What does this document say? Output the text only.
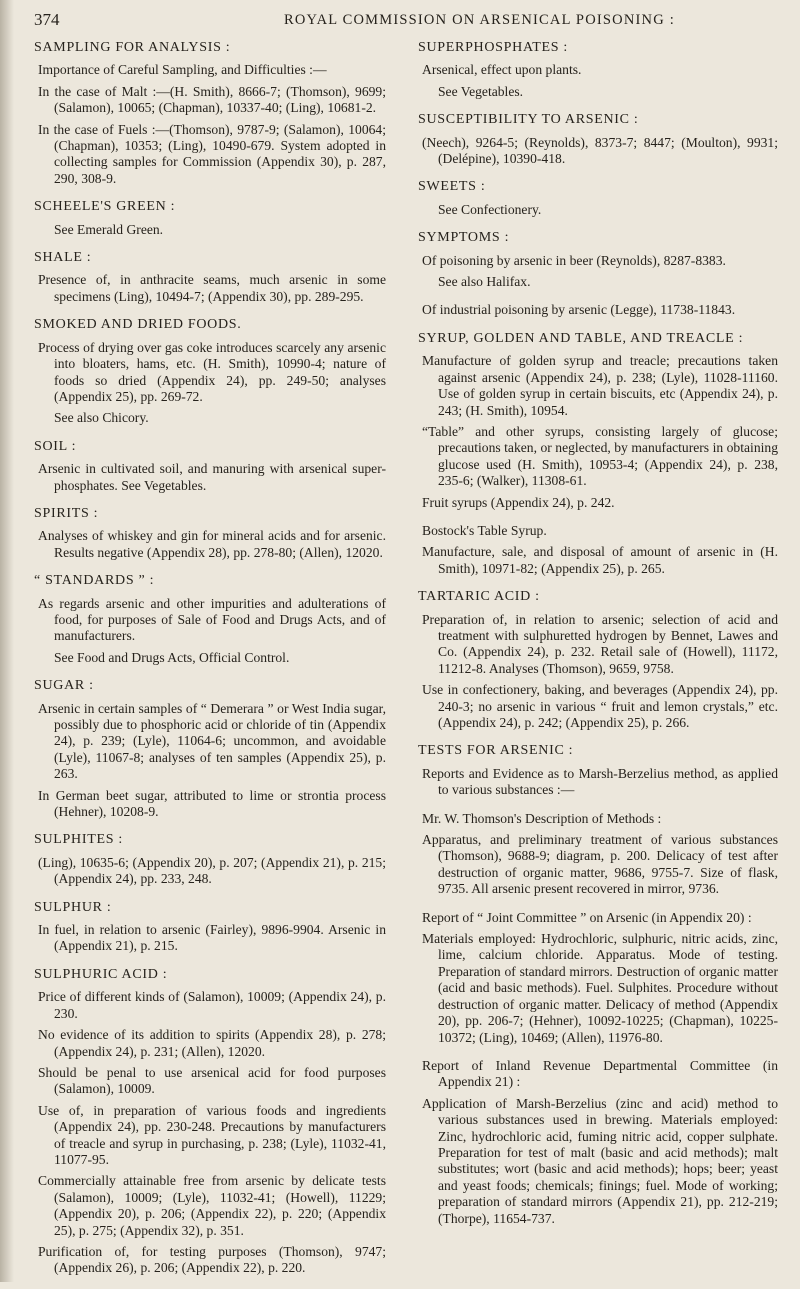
374	ROYAL COMMISSION ON ARSENICAL POISONING :
SAMPLING FOR ANALYSIS :
Importance of Careful Sampling, and Difficulties :—
In the case of Malt :—(H. Smith), 8666-7; (Thomson), 9699; (Salamon), 10065; (Chapman), 10337-40; (Ling), 10681-2.
In the case of Fuels :—(Thomson), 9787-9; (Salamon), 10064; (Chapman), 10353; (Ling), 10490-679. System adopted in collecting samples for Commission (Appendix 30), p. 287, 290, 308-9.
SCHEELE'S GREEN :
See Emerald Green.
SHALE :
Presence of, in anthracite seams, much arsenic in some specimens (Ling), 10494-7; (Appendix 30), pp. 289-295.
SMOKED AND DRIED FOODS.
Process of drying over gas coke introduces scarcely any arsenic into bloaters, hams, etc. (H. Smith), 10990-4; nature of foods so dried (Appendix 24), pp. 249-50; analyses (Appendix 25), pp. 269-72.
See also Chicory.
SOIL :
Arsenic in cultivated soil, and manuring with arsenical super-phosphates. See Vegetables.
SPIRITS :
Analyses of whiskey and gin for mineral acids and for arsenic. Results negative (Appendix 28), pp. 278-80; (Allen), 12020.
“ STANDARDS ” :
As regards arsenic and other impurities and adulterations of food, for purposes of Sale of Food and Drugs Acts, and of manufacturers.
See Food and Drugs Acts, Official Control.
SUGAR :
Arsenic in certain samples of “ Demerara ” or West India sugar, possibly due to phosphoric acid or chloride of tin (Appendix 24), p. 239; (Lyle), 11064-6; uncommon, and avoidable (Lyle), 11067-8; analyses of ten samples (Appendix 25), p. 263.
In German beet sugar, attributed to lime or strontia process (Hehner), 10208-9.
SULPHITES :
(Ling), 10635-6; (Appendix 20), p. 207; (Appendix 21), p. 215; (Appendix 24), pp. 233, 248.
SULPHUR :
In fuel, in relation to arsenic (Fairley), 9896-9904. Arsenic in (Appendix 21), p. 215.
SULPHURIC ACID :
Price of different kinds of (Salamon), 10009; (Appendix 24), p. 230.
No evidence of its addition to spirits (Appendix 28), p. 278; (Appendix 24), p. 231; (Allen), 12020.
Should be penal to use arsenical acid for food purposes (Salamon), 10009.
Use of, in preparation of various foods and ingredients (Appendix 24), pp. 230-248. Precautions by manufacturers of treacle and syrup in purchasing, p. 238; (Lyle), 11032-41, 11077-95.
Commercially attainable free from arsenic by delicate tests (Salamon), 10009; (Lyle), 11032-41; (Howell), 11229; (Appendix 20), p. 206; (Appendix 22), p. 220; (Appendix 25), p. 275; (Appendix 32), p. 351.
Purification of, for testing purposes (Thomson), 9747; (Appendix 26), p. 206; (Appendix 22), p. 220.
SUPERPHOSPHATES :
Arsenical, effect upon plants.
See Vegetables.
SUSCEPTIBILITY TO ARSENIC :
(Neech), 9264-5; (Reynolds), 8373-7; 8447; (Moulton), 9931; (Delépine), 10390-418.
SWEETS :
See Confectionery.
SYMPTOMS :
Of poisoning by arsenic in beer (Reynolds), 8287-8383.
See also Halifax.
Of industrial poisoning by arsenic (Legge), 11738-11843.
SYRUP, GOLDEN AND TABLE, AND TREACLE :
Manufacture of golden syrup and treacle; precautions taken against arsenic (Appendix 24), p. 238; (Lyle), 11028-11160. Use of golden syrup in certain biscuits, etc (Appendix 24), p. 243; (H. Smith), 10954.
“Table” and other syrups, consisting largely of glucose; precautions taken, or neglected, by manufacturers in obtaining glucose used (H. Smith), 10953-4; (Appendix 24), p. 238, 235-6; (Walker), 11308-61.
Fruit syrups (Appendix 24), p. 242.
Bostock's Table Syrup.
Manufacture, sale, and disposal of amount of arsenic in (H. Smith), 10971-82; (Appendix 25), p. 265.
TARTARIC ACID :
Preparation of, in relation to arsenic; selection of acid and treatment with sulphuretted hydrogen by Bennet, Lawes and Co. (Appendix 24), p. 232. Retail sale of (Howell), 11172, 11212-8. Analyses (Thomson), 9659, 9758.
Use in confectionery, baking, and beverages (Appendix 24), pp. 240-3; no arsenic in various “ fruit and lemon crystals,” etc. (Appendix 24), p. 242; (Appendix 25), p. 266.
TESTS FOR ARSENIC :
Reports and Evidence as to Marsh-Berzelius method, as applied to various substances :—
Mr. W. Thomson's Description of Methods :
Apparatus, and preliminary treatment of various substances (Thomson), 9688-9; diagram, p. 200. Delicacy of test after destruction of organic matter, 9686, 9755-7. Size of flask, 9735. All arsenic present recovered in mirror, 9736.
Report of “ Joint Committee ” on Arsenic (in Appendix 20) :
Materials employed: Hydrochloric, sulphuric, nitric acids, zinc, lime, calcium chloride. Apparatus. Mode of testing. Preparation of standard mirrors. Destruction of organic matter (acid and basic methods). Fuel. Sulphites. Procedure without destruction of organic matter. Delicacy of method (Appendix 20), pp. 206-7; (Hehner), 10092-10225; (Chapman), 10225-10372; (Ling), 10469; (Allen), 11976-80.
Report of Inland Revenue Departmental Committee (in Appendix 21) :
Application of Marsh-Berzelius (zinc and acid) method to various substances used in brewing. Materials employed: Zinc, hydrochloric acid, fuming nitric acid, copper sulphate. Preparation for test of malt (basic and acid methods); malt substitutes; wort (basic and acid methods); hops; beer; yeast and yeast foods; chemicals; finings; fuel. Mode of working; preparation of standard mirrors (Appendix 21), pp. 212-219; (Thorpe), 11654-737.
